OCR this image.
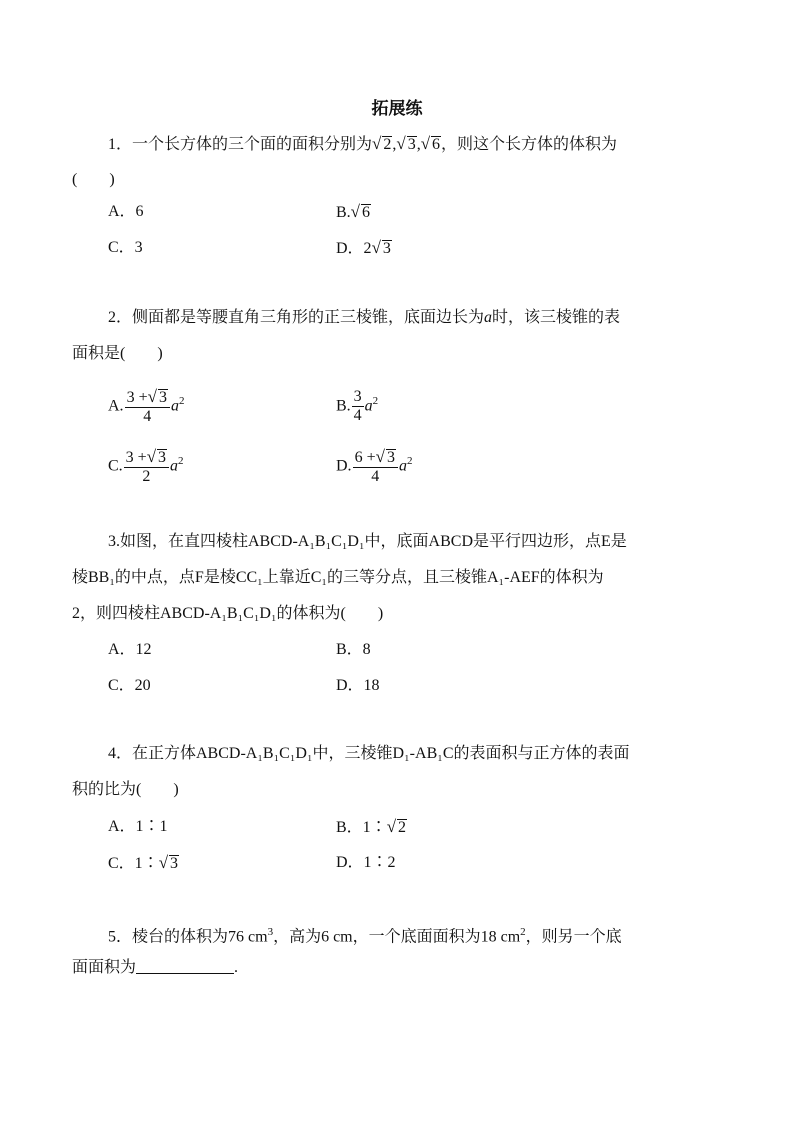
拓展练
1．一个长方体的三个面的面积分别为√ 2,√ 3,√ 6，则这个长方体的体积为
(　　)
A．6	B.√ 6
C．3	D．2√ 3
2．侧面都是等腰直角三角形的正三棱锥，底面边长为a时，该三棱锥的表
面积是(　　)
A. $\frac{3 +√ 3}{4} a^2$	B. $\frac{3}{4} a^2$
C. $\frac{3 +√ 3}{2} a^2$	D. $\frac{6 +√ 3}{4} a^2$
3.如图，在直四棱柱ABCD-A₁B₁C₁D₁中，底面ABCD是平行四边形，点E是
棱BB₁的中点，点F是棱CC₁上靠近C₁的三等分点，且三棱锥A₁-AEF的体积为
2，则四棱柱ABCD-A₁B₁C₁D₁的体积为(　　)
A．12	B．8
C．20	D．18
4．在正方体ABCD-A₁B₁C₁D₁中，三棱锥D₁-AB₁C的表面积与正方体的表面
积的比为(　　)
A．1∶1	B．1∶√ 2
C．1∶√ 3	D．1∶2
5．棱台的体积为76 $cm^3$，高为6 cm，一个底面面积为18 $cm^2$，则另一个底
面面积为	.
